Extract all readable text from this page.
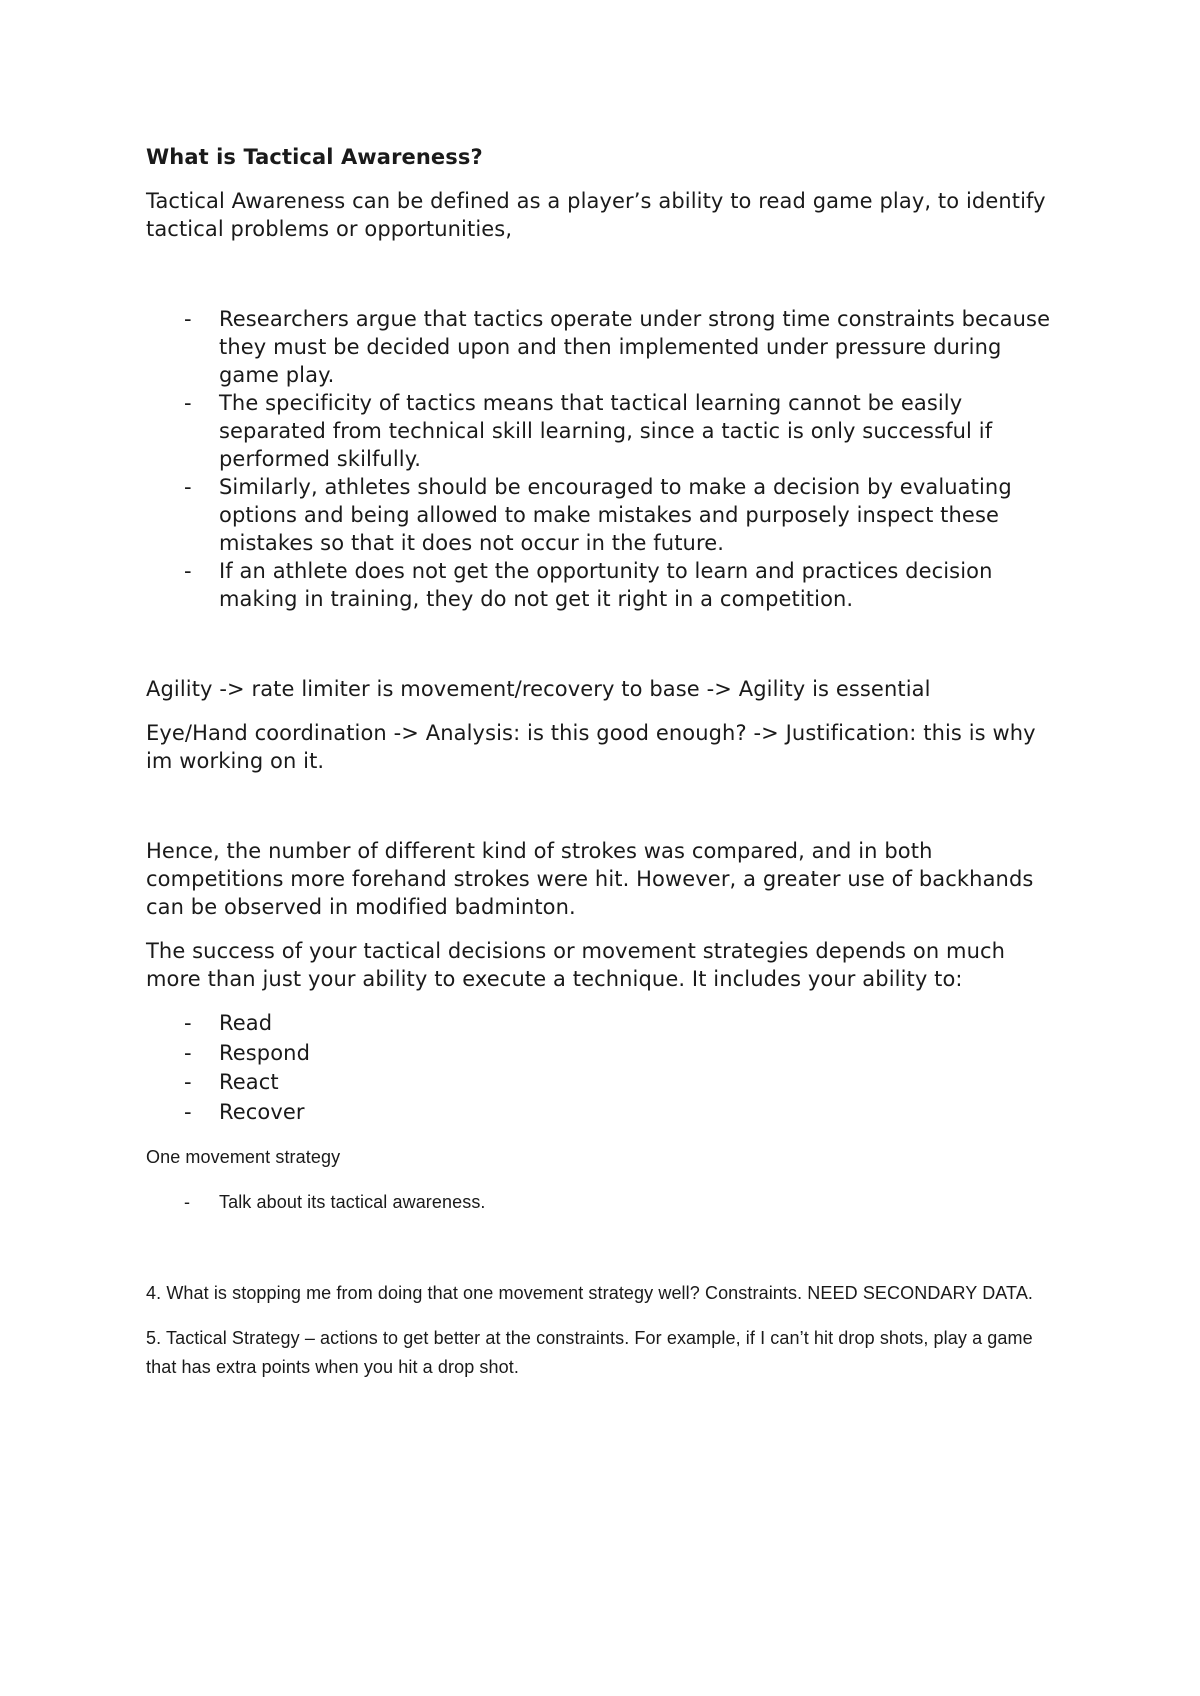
What is Tactical Awareness?

Tactical Awareness can be defined as a player’s ability to read game play, to identify tactical problems or opportunities,

- Researchers argue that tactics operate under strong time constraints because they must be decided upon and then implemented under pressure during game play.
- The specificity of tactics means that tactical learning cannot be easily separated from technical skill learning, since a tactic is only successful if performed skilfully.
- Similarly, athletes should be encouraged to make a decision by evaluating options and being allowed to make mistakes and purposely inspect these mistakes so that it does not occur in the future.
- If an athlete does not get the opportunity to learn and practices decision making in training, they do not get it right in a competition.

Agility -> rate limiter is movement/recovery to base -> Agility is essential

Eye/Hand coordination -> Analysis: is this good enough? -> Justification: this is why im working on it.

Hence, the number of different kind of strokes was compared, and in both competitions more forehand strokes were hit. However, a greater use of backhands can be observed in modified badminton.

The success of your tactical decisions or movement strategies depends on much more than just your ability to execute a technique. It includes your ability to:

- Read
- Respond
- React
- Recover

One movement strategy

- Talk about its tactical awareness.

4. What is stopping me from doing that one movement strategy well? Constraints. NEED SECONDARY DATA.

5. Tactical Strategy – actions to get better at the constraints. For example, if I can’t hit drop shots, play a game that has extra points when you hit a drop shot.
